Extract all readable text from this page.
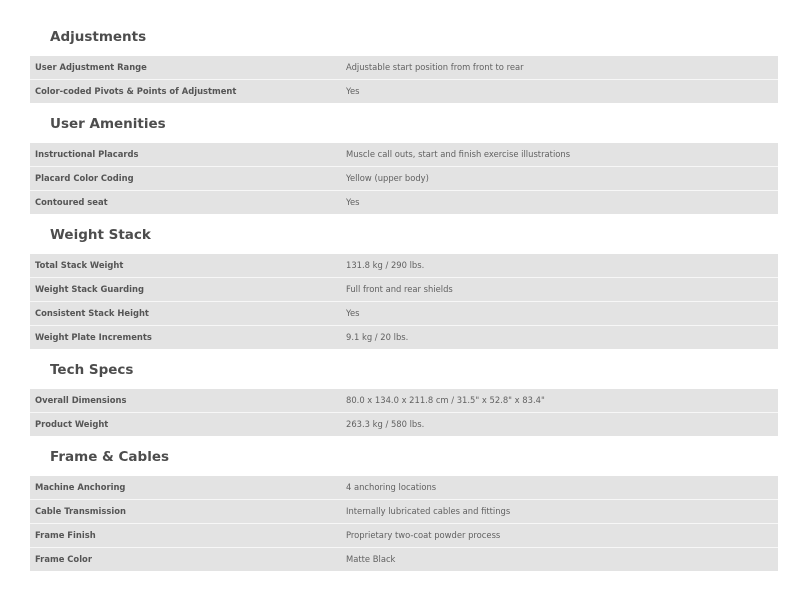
Adjustments
User Adjustment Range	Adjustable start position from front to rear
Color-coded Pivots & Points of Adjustment	Yes
User Amenities
Instructional Placards	Muscle call outs, start and finish exercise illustrations
Placard Color Coding	Yellow (upper body)
Contoured seat	Yes
Weight Stack
Total Stack Weight	131.8 kg / 290 lbs.
Weight Stack Guarding	Full front and rear shields
Consistent Stack Height	Yes
Weight Plate Increments	9.1 kg / 20 lbs.
Tech Specs
Overall Dimensions	80.0 x 134.0 x 211.8 cm / 31.5" x 52.8" x 83.4"
Product Weight	263.3 kg / 580 lbs.
Frame & Cables
Machine Anchoring	4 anchoring locations
Cable Transmission	Internally lubricated cables and fittings
Frame Finish	Proprietary two-coat powder process
Frame Color	Matte Black
